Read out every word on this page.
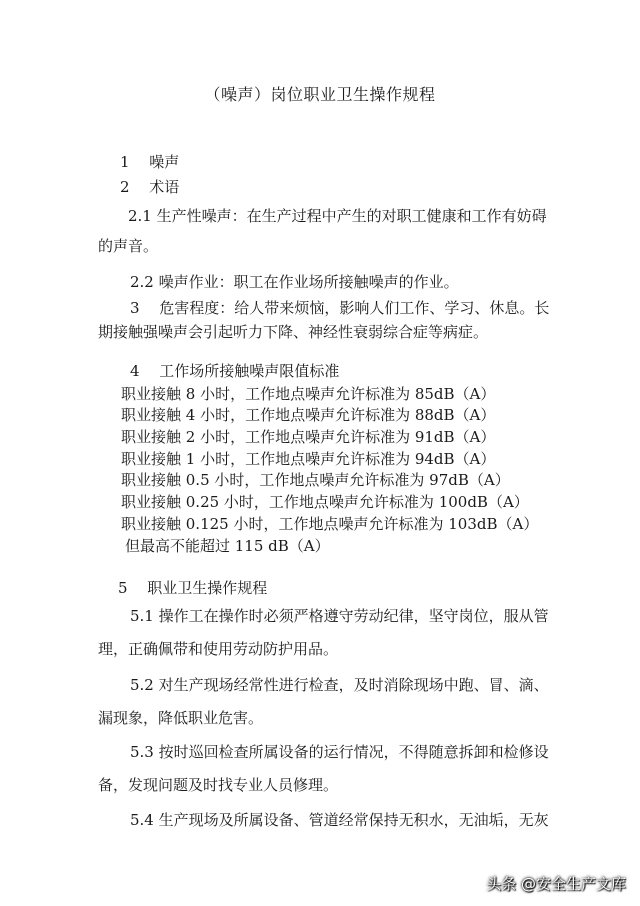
（噪声）岗位职业卫生操作规程
1　 噪声
2　 术语
2.1 生产性噪声：在生产过程中产生的对职工健康和工作有妨碍
的声音。
2.2 噪声作业：职工在作业场所接触噪声的作业。
3　 危害程度：给人带来烦恼，影响人们工作、学习、休息。长
期接触强噪声会引起听力下降、神经性衰弱综合症等病症。
4　 工作场所接触噪声限值标准
职业接触 8 小时，工作地点噪声允许标准为 85dB（A）
职业接触 4 小时，工作地点噪声允许标准为 88dB（A）
职业接触 2 小时，工作地点噪声允许标准为 91dB（A）
职业接触 1 小时，工作地点噪声允许标准为 94dB（A）
职业接触 0.5 小时，工作地点噪声允许标准为 97dB（A）
职业接触 0.25 小时，工作地点噪声允许标准为 100dB（A）
职业接触 0.125 小时，工作地点噪声允许标准为 103dB（A）
但最高不能超过 115 dB（A）
5　 职业卫生操作规程
5.1 操作工在操作时必须严格遵守劳动纪律，坚守岗位，服从管
理，正确佩带和使用劳动防护用品。
5.2 对生产现场经常性进行检查，及时消除现场中跑、冒、滴、
漏现象，降低职业危害。
5.3 按时巡回检查所属设备的运行情况，不得随意拆卸和检修设
备，发现问题及时找专业人员修理。
5.4 生产现场及所属设备、管道经常保持无积水，无油垢，无灰
头条 @安全生产文库
